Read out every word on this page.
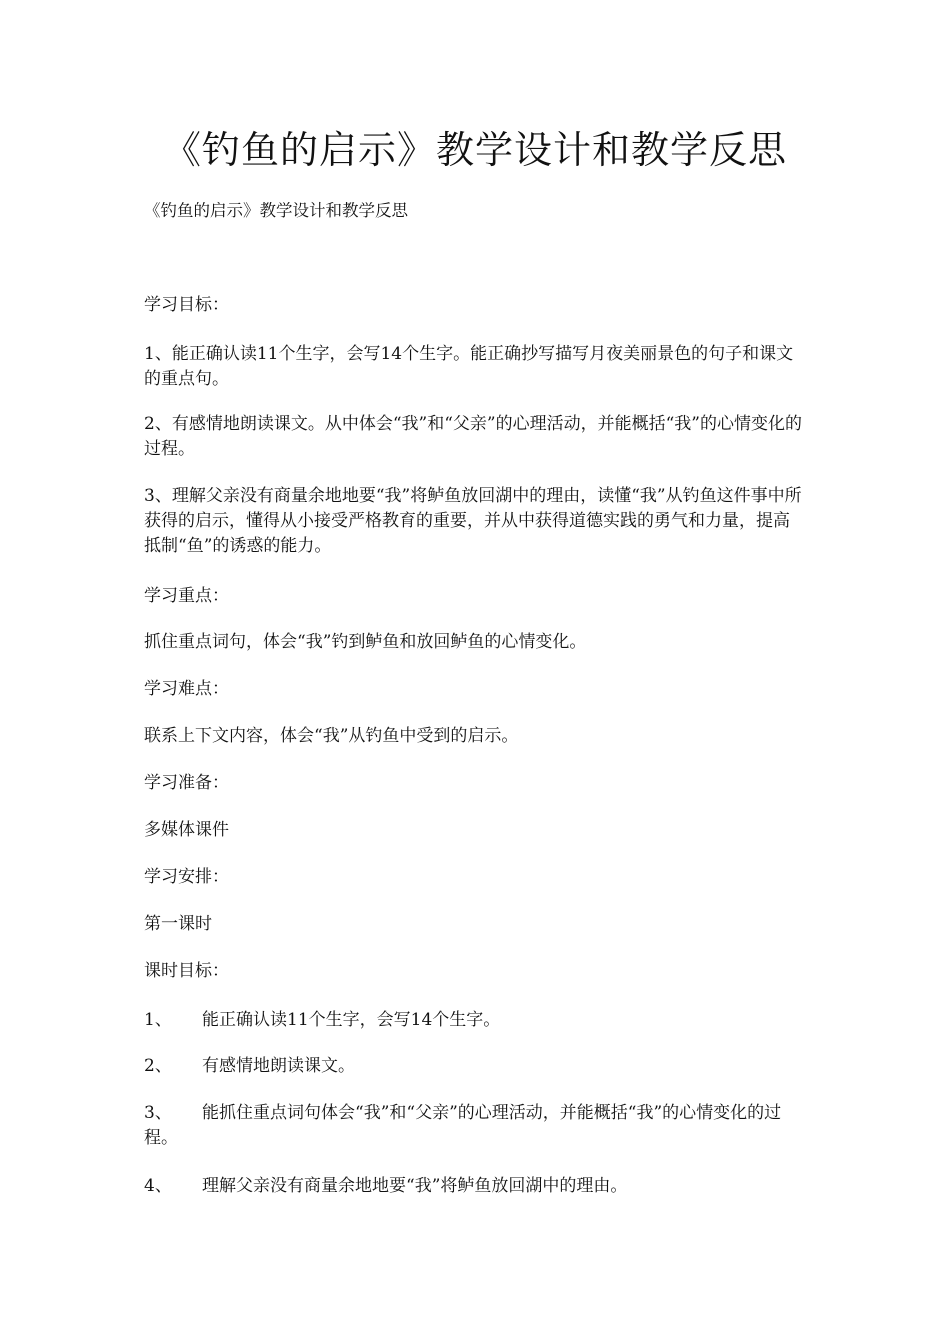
《钓鱼的启示》教学设计和教学反思
《钓鱼的启示》教学设计和教学反思

学习目标：

1、能正确认读11个生字，会写14个生字。能正确抄写描写月夜美丽景色的句子和课文的重点句。

2、有感情地朗读课文。从中体会“我”和“父亲”的心理活动，并能概括“我”的心情变化的过程。

3、理解父亲没有商量余地地要“我”将鲈鱼放回湖中的理由，读懂“我”从钓鱼这件事中所获得的启示，懂得从小接受严格教育的重要，并从中获得道德实践的勇气和力量，提高抵制“鱼”的诱惑的能力。

学习重点：

抓住重点词句，体会“我”钓到鲈鱼和放回鲈鱼的心情变化。

学习难点：

联系上下文内容，体会“我”从钓鱼中受到的启示。

学习准备：

多媒体课件

学习安排：

第一课时

课时目标：

1、 能正确认读11个生字，会写14个生字。

2、 有感情地朗读课文。

3、 能抓住重点词句体会“我”和“父亲”的心理活动，并能概括“我”的心情变化的过程。

4、 理解父亲没有商量余地地要“我”将鲈鱼放回湖中的理由。
